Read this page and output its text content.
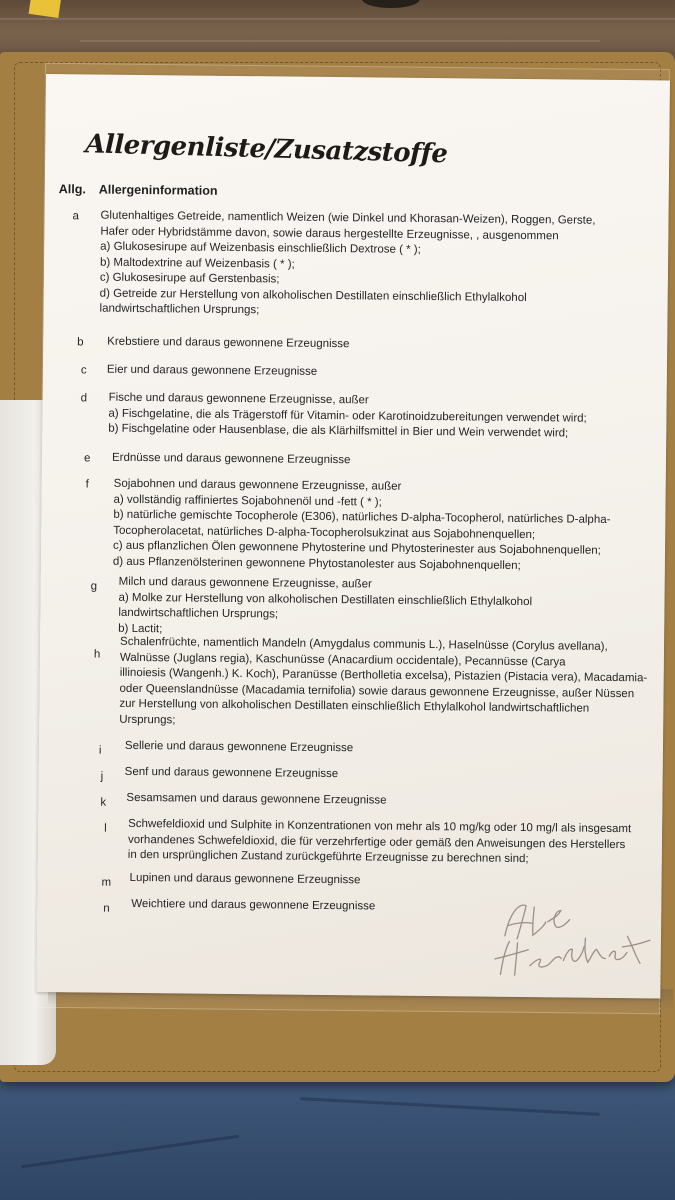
Allergenliste/Zusatzstoffe
Allg. Allergeninformation
a Glutenhaltiges Getreide, namentlich Weizen (wie Dinkel und Khorasan-Weizen), Roggen, Gerste,
Hafer oder Hybridstämme davon, sowie daraus hergestellte Erzeugnisse, , ausgenommen
a) Glukosesirupe auf Weizenbasis einschließlich Dextrose ( * );
b) Maltodextrine auf Weizenbasis ( * );
c) Glukosesirupe auf Gerstenbasis;
d) Getreide zur Herstellung von alkoholischen Destillaten einschließlich Ethylalkohol
landwirtschaftlichen Ursprungs;
b Krebstiere und daraus gewonnene Erzeugnisse
c Eier und daraus gewonnene Erzeugnisse
d Fische und daraus gewonnene Erzeugnisse, außer
a) Fischgelatine, die als Trägerstoff für Vitamin- oder Karotinoidzubereitungen verwendet wird;
b) Fischgelatine oder Hausenblase, die als Klärhilfsmittel in Bier und Wein verwendet wird;
e Erdnüsse und daraus gewonnene Erzeugnisse
f Sojabohnen und daraus gewonnene Erzeugnisse, außer
a) vollständig raffiniertes Sojabohnenöl und -fett ( * );
b) natürliche gemischte Tocopherole (E306), natürliches D-alpha-Tocopherol, natürliches D-alpha-
Tocopherolacetat, natürliches D-alpha-Tocopherolsukzinat aus Sojabohnenquellen;
c) aus pflanzlichen Ölen gewonnene Phytosterine und Phytosterinester aus Sojabohnenquellen;
d) aus Pflanzenölsterinen gewonnene Phytostanolester aus Sojabohnenquellen;
g Milch und daraus gewonnene Erzeugnisse, außer
a) Molke zur Herstellung von alkoholischen Destillaten einschließlich Ethylalkohol
landwirtschaftlichen Ursprungs;
b) Lactit;
h
Schalenfrüchte, namentlich Mandeln (Amygdalus communis L.), Haselnüsse (Corylus avellana),
Walnüsse (Juglans regia), Kaschunüsse (Anacardium occidentale), Pecannüsse (Carya
illinoiesis (Wangenh.) K. Koch), Paranüsse (Bertholletia excelsa), Pistazien (Pistacia vera), Macadamia-
oder Queenslandnüsse (Macadamia ternifolia) sowie daraus gewonnene Erzeugnisse, außer Nüssen
zur Herstellung von alkoholischen Destillaten einschließlich Ethylalkohol landwirtschaftlichen
Ursprungs;
i Sellerie und daraus gewonnene Erzeugnisse
j Senf und daraus gewonnene Erzeugnisse
k Sesamsamen und daraus gewonnene Erzeugnisse
l Schwefeldioxid und Sulphite in Konzentrationen von mehr als 10 mg/kg oder 10 mg/l als insgesamt
vorhandenes Schwefeldioxid, die für verzehrfertige oder gemäß den Anweisungen des Herstellers
in den ursprünglichen Zustand zurückgeführte Erzeugnisse zu berechnen sind;
m Lupinen und daraus gewonnene Erzeugnisse
n Weichtiere und daraus gewonnene Erzeugnisse
